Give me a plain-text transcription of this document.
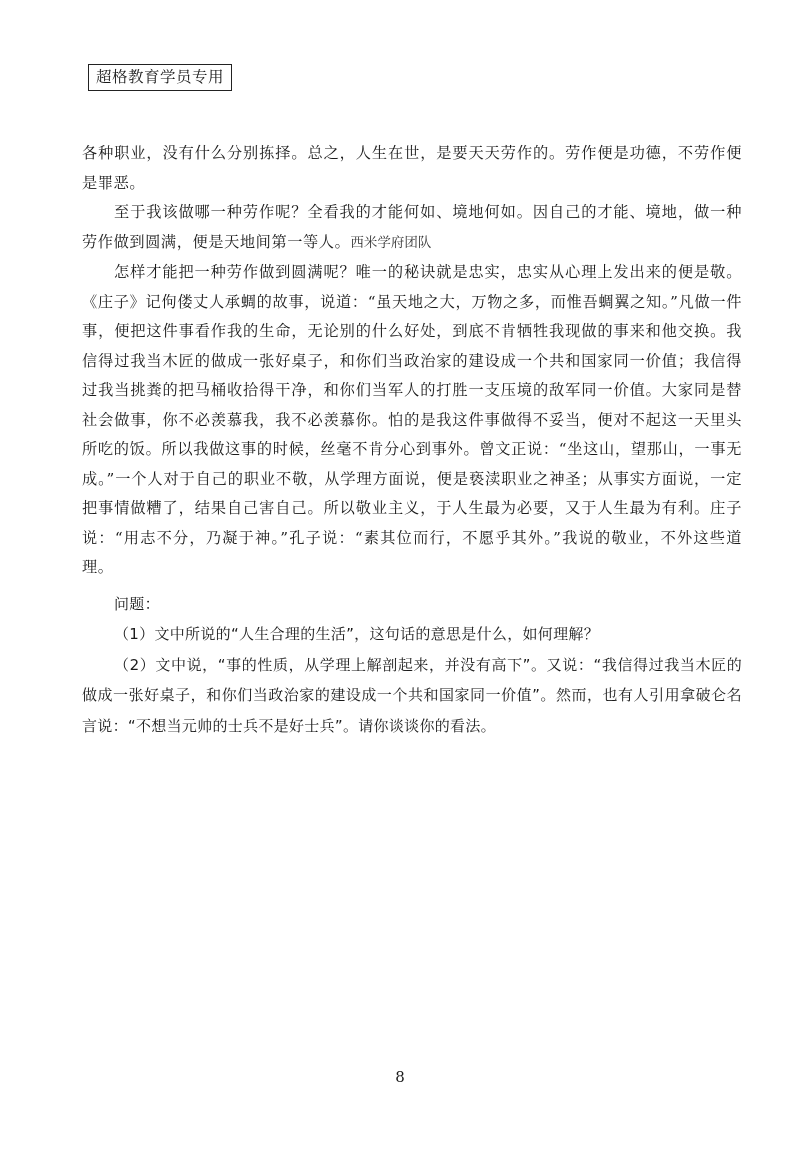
超格教育学员专用

各种职业，没有什么分别拣择。总之，人生在世，是要天天劳作的。劳作便是功德，不劳作便是罪恶。

至于我该做哪一种劳作呢？全看我的才能何如、境地何如。因自己的才能、境地，做一种劳作做到圆满，便是天地间第一等人。西米学府团队

怎样才能把一种劳作做到圆满呢？唯一的秘诀就是忠实，忠实从心理上发出来的便是敬。《庄子》记佝偻丈人承蜩的故事，说道：“虽天地之大，万物之多，而惟吾蜩翼之知。”凡做一件事，便把这件事看作我的生命，无论别的什么好处，到底不肯牺牲我现做的事来和他交换。我信得过我当木匠的做成一张好桌子，和你们当政治家的建设成一个共和国家同一价值；我信得过我当挑粪的把马桶收拾得干净，和你们当军人的打胜一支压境的敌军同一价值。大家同是替社会做事，你不必羡慕我，我不必羡慕你。怕的是我这件事做得不妥当，便对不起这一天里头所吃的饭。所以我做这事的时候，丝毫不肯分心到事外。曾文正说：“坐这山，望那山，一事无成。”一个人对于自己的职业不敬，从学理方面说，便是亵渎职业之神圣；从事实方面说，一定把事情做糟了，结果自己害自己。所以敬业主义，于人生最为必要，又于人生最为有利。庄子说：“用志不分，乃凝于神。”孔子说：“素其位而行，不愿乎其外。”我说的敬业，不外这些道理。

问题：

（1）文中所说的“人生合理的生活”，这句话的意思是什么，如何理解？

（2）文中说，“事的性质，从学理上解剖起来，并没有高下”。又说：“我信得过我当木匠的做成一张好桌子，和你们当政治家的建设成一个共和国家同一价值”。然而，也有人引用拿破仑名言说：“不想当元帅的士兵不是好士兵”。请你谈谈你的看法。

8
